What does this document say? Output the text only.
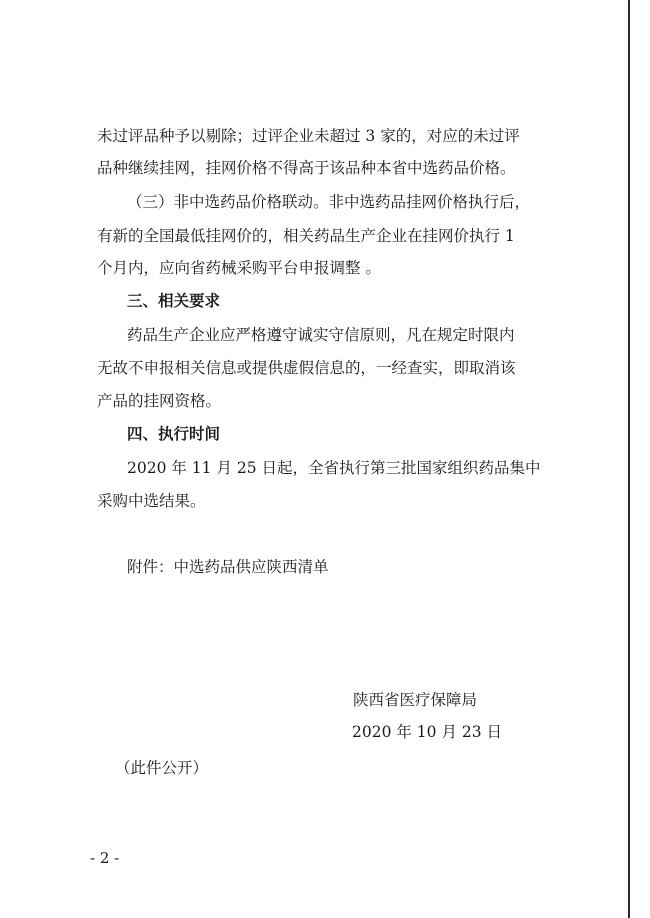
未过评品种予以剔除；过评企业未超过 3 家的，对应的未过评
品种继续挂网，挂网价格不得高于该品种本省中选药品价格。
（三）非中选药品价格联动。非中选药品挂网价格执行后，
有新的全国最低挂网价的，相关药品生产企业在挂网价执行 1
个月内，应向省药械采购平台申报调整 。
三、相关要求
药品生产企业应严格遵守诚实守信原则，凡在规定时限内
无故不申报相关信息或提供虚假信息的，一经查实，即取消该
产品的挂网资格。
四、执行时间
2020 年 11 月 25 日起，全省执行第三批国家组织药品集中
采购中选结果。
附件：中选药品供应陕西清单
陕西省医疗保障局
2020 年 10 月 23 日
（此件公开）
- 2 -
